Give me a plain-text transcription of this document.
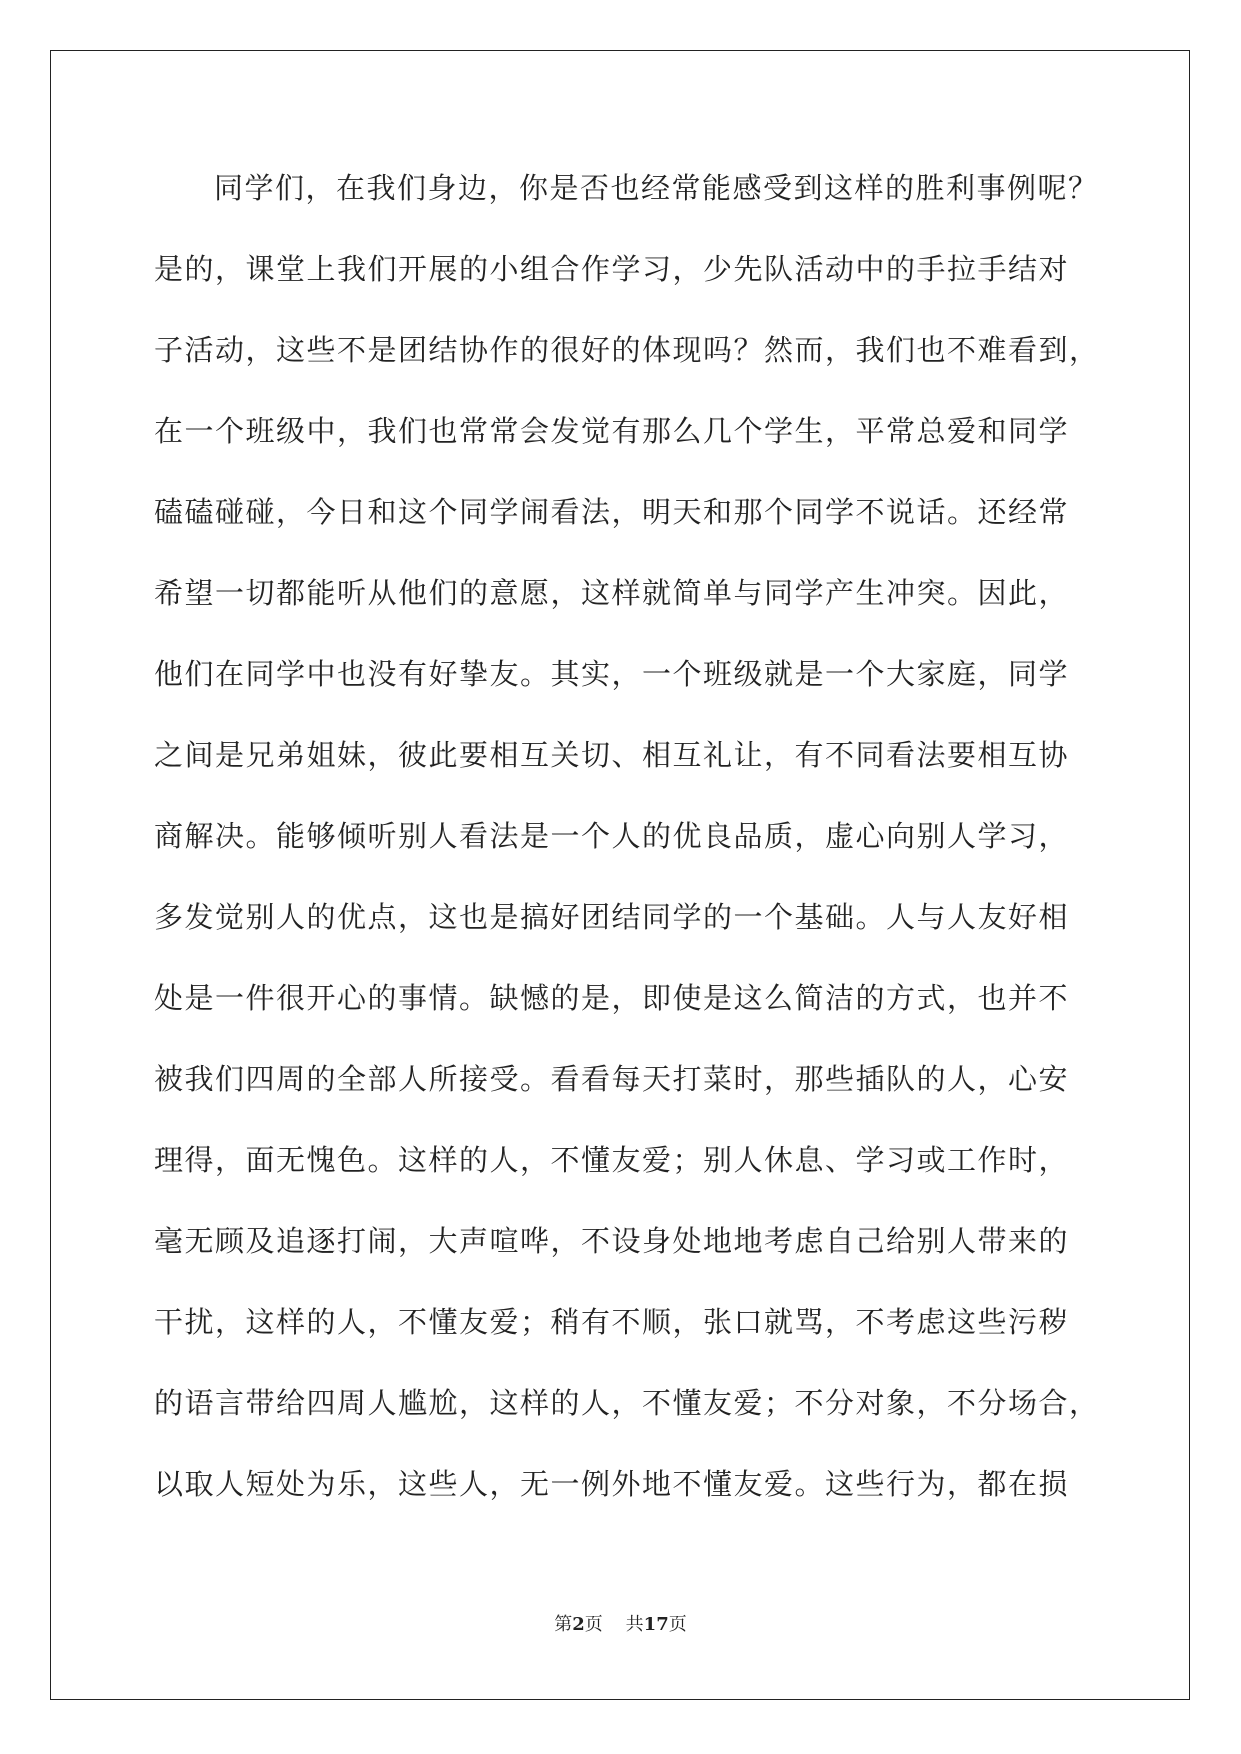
同学们，在我们身边，你是否也经常能感受到这样的胜利事例呢？
是的，课堂上我们开展的小组合作学习，少先队活动中的手拉手结对
子活动，这些不是团结协作的很好的体现吗？然而，我们也不难看到，
在一个班级中，我们也常常会发觉有那么几个学生，平常总爱和同学
磕磕碰碰，今日和这个同学闹看法，明天和那个同学不说话。还经常
希望一切都能听从他们的意愿，这样就简单与同学产生冲突。因此，
他们在同学中也没有好挚友。其实，一个班级就是一个大家庭，同学
之间是兄弟姐妹，彼此要相互关切、相互礼让，有不同看法要相互协
商解决。能够倾听别人看法是一个人的优良品质，虚心向别人学习，
多发觉别人的优点，这也是搞好团结同学的一个基础。人与人友好相
处是一件很开心的事情。缺憾的是，即使是这么简洁的方式，也并不
被我们四周的全部人所接受。看看每天打菜时，那些插队的人，心安
理得，面无愧色。这样的人，不懂友爱；别人休息、学习或工作时，
毫无顾及追逐打闹，大声喧哗，不设身处地地考虑自己给别人带来的
干扰，这样的人，不懂友爱；稍有不顺，张口就骂，不考虑这些污秽
的语言带给四周人尴尬，这样的人，不懂友爱；不分对象，不分场合，
以取人短处为乐，这些人，无一例外地不懂友爱。这些行为，都在损
第2页 共17页
